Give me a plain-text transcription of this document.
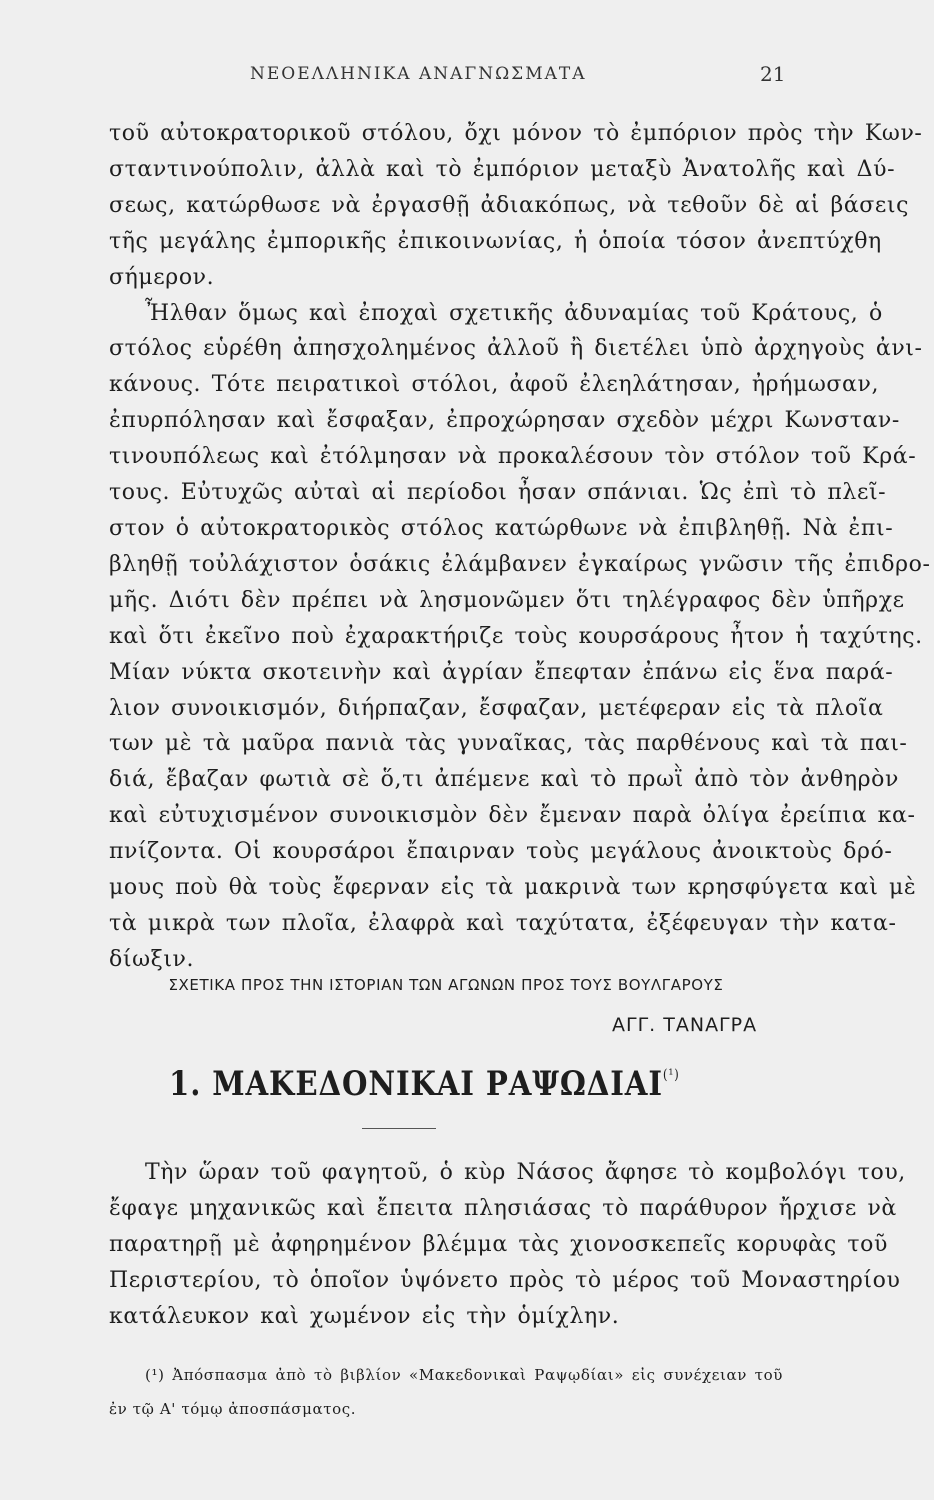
ΝΕΟΕΛΛΗΝΙΚΑ ΑΝΑΓΝΩΣΜΑΤΑ	21

τοῦ αὐτοκρατορικοῦ στόλου, ὄχι μόνον τὸ ἐμπόριον πρὸς τὴν Κων-
σταντινούπολιν, ἀλλὰ καὶ τὸ ἐμπόριον μεταξὺ Ἀνατολῆς καὶ Δύ-
σεως, κατώρθωσε νὰ ἐργασθῇ ἀδιακόπως, νὰ τεθοῦν δὲ αἱ βάσεις
τῆς μεγάλης ἐμπορικῆς ἐπικοινωνίας, ἡ ὁποία τόσον ἀνεπτύχθη
σήμερον.

Ἦλθαν ὅμως καὶ ἐποχαὶ σχετικῆς ἀδυναμίας τοῦ Κράτους, ὁ
στόλος εὑρέθη ἀπησχολημένος ἀλλοῦ ἢ διετέλει ὑπὸ ἀρχηγοὺς ἀνι-
κάνους. Τότε πειρατικοὶ στόλοι, ἀφοῦ ἐλεηλάτησαν, ἠρήμωσαν,
ἐπυρπόλησαν καὶ ἔσφαξαν, ἐπροχώρησαν σχεδὸν μέχρι Κωνσταν-
τινουπόλεως καὶ ἐτόλμησαν νὰ προκαλέσουν τὸν στόλον τοῦ Κρά-
τους. Εὐτυχῶς αὐταὶ αἱ περίοδοι ἦσαν σπάνιαι. Ὡς ἐπὶ τὸ πλεῖ-
στον ὁ αὐτοκρατορικὸς στόλος κατώρθωνε νὰ ἐπιβληθῇ. Νὰ ἐπι-
βληθῇ τοὐλάχιστον ὁσάκις ἐλάμβανεν ἐγκαίρως γνῶσιν τῆς ἐπιδρο-
μῆς. Διότι δὲν πρέπει νὰ λησμονῶμεν ὅτι τηλέγραφος δὲν ὑπῆρχε
καὶ ὅτι ἐκεῖνο ποὺ ἐχαρακτήριζε τοὺς κουρσάρους ἦτον ἡ ταχύτης.
Μίαν νύκτα σκοτεινὴν καὶ ἀγρίαν ἔπεφταν ἐπάνω εἰς ἕνα παρά-
λιον συνοικισμόν, διήρπαζαν, ἔσφαζαν, μετέφεραν εἰς τὰ πλοῖα
των μὲ τὰ μαῦρα πανιὰ τὰς γυναῖκας, τὰς παρθένους καὶ τὰ παι-
διά, ἔβαζαν φωτιὰ σὲ ὅ,τι ἀπέμενε καὶ τὸ πρωῒ ἀπὸ τὸν ἀνθηρὸν
καὶ εὐτυχισμένον συνοικισμὸν δὲν ἔμεναν παρὰ ὀλίγα ἐρείπια κα-
πνίζοντα. Οἱ κουρσάροι ἔπαιρναν τοὺς μεγάλους ἀνοικτοὺς δρό-
μους ποὺ θὰ τοὺς ἔφερναν εἰς τὰ μακρινὰ των κρησφύγετα καὶ μὲ
τὰ μικρὰ των πλοῖα, ἐλαφρὰ καὶ ταχύτατα, ἐξέφευγαν τὴν κατα-
δίωξιν.

ΣΧΕΤΙΚΑ ΠΡΟΣ ΤΗΝ ΙΣΤΟΡΙΑΝ ΤΩΝ ΑΓΩΝΩΝ ΠΡΟΣ ΤΟΥΣ ΒΟΥΛΓΑΡΟΥΣ
ΑΓΓ. ΤΑΝΑΓΡΑ
1. ΜΑΚΕΔΟΝΙΚΑΙ $PA\Psi\Omega\Delta IAI^{(^1)}$

Τὴν ὥραν τοῦ φαγητοῦ, ὁ κὺρ Νάσος ἄφησε τὸ κομβολόγι του,
ἔφαγε μηχανικῶς καὶ ἔπειτα πλησιάσας τὸ παράθυρον ἤρχισε νὰ
παρατηρῇ μὲ ἀφηρημένον βλέμμα τὰς χιονοσκεπεῖς κορυφὰς τοῦ
Περιστερίου, τὸ ὁποῖον ὑψόνετο πρὸς τὸ μέρος τοῦ Μοναστηρίου
κατάλευκον καὶ χωμένον εἰς τὴν ὁμίχλην.

(¹) Ἀπόσπασμα ἀπὸ τὸ βιβλίον «Μακεδονικαὶ Ραψῳδίαι» εἰς συνέχειαν τοῦ
ἐν τῷ Α' τόμῳ ἀποσπάσματος.
